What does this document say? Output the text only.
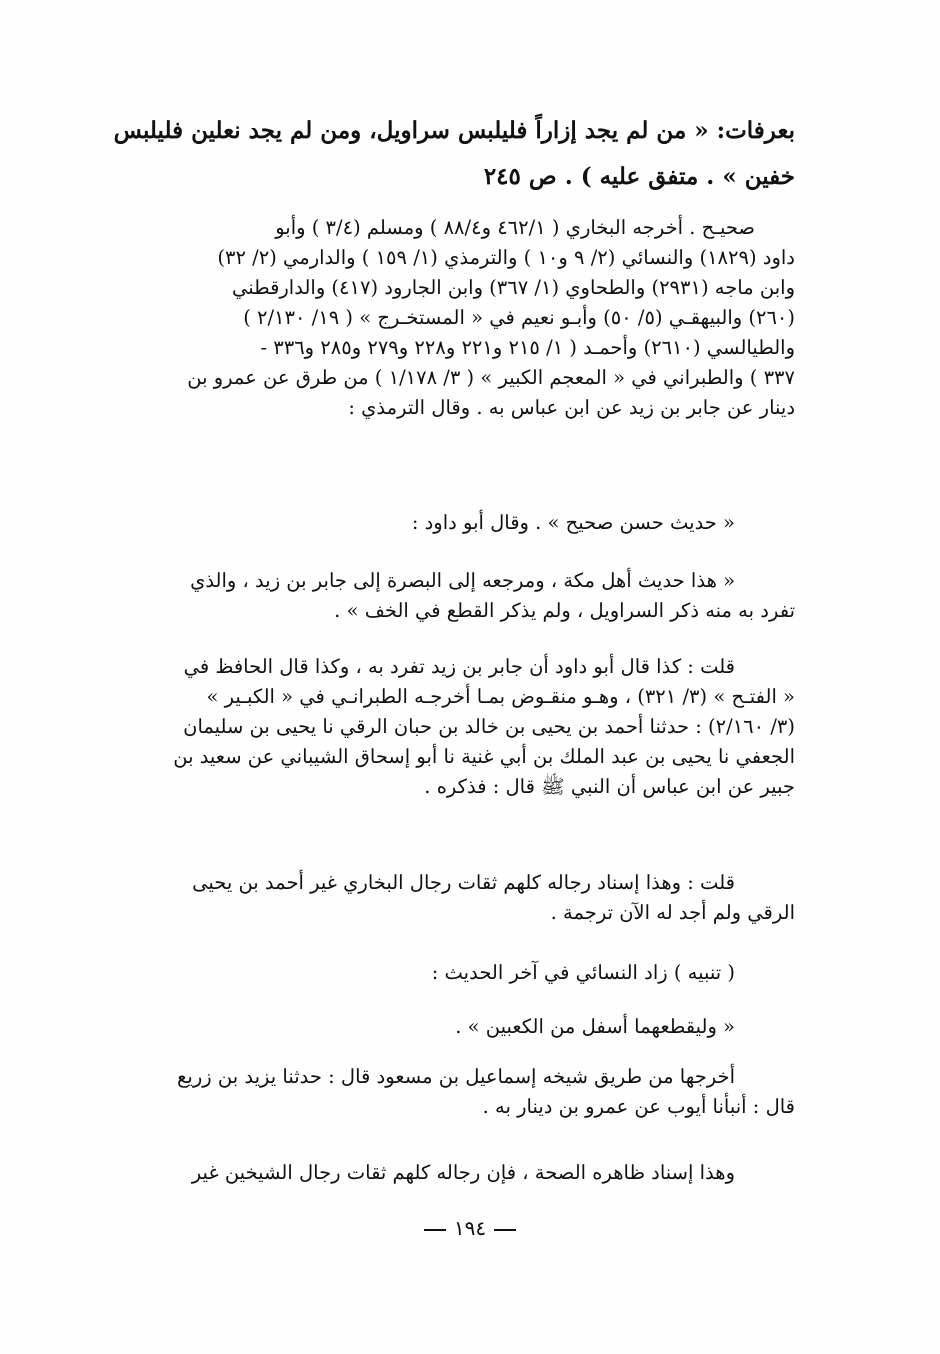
بعرفات: « من لم يجد إزاراً فليلبس سراويل، ومن لم يجد نعلين فليلبس
خفين » . متفق عليه ) . ص ٢٤٥
صحيـح . أخرجه البخاري ( ٤٦٢/١ و٨٨/٤ ) ومسلم (٣/٤ ) وأبو
داود (١٨٢٩) والنسائي (٢/ ٩ و١٠ ) والترمذي (١/ ١٥٩ ) والدارمي (٢/ ٣٢)
وابن ماجه (٢٩٣١) والطحاوي (١/ ٣٦٧) وابن الجارود (٤١٧) والدارقطني
(٢٦٠) والبيهقـي (٥/ ٥٠) وأبـو نعيم في « المستخـرج » ( ١٩/ ٢/١٣٠ )
والطيالسي (٢٦١٠) وأحمـد ( ١/ ٢١٥ و٢٢١ و٢٢٨ و٢٧٩ و٢٨٥ و٣٣٦ -
٣٣٧ ) والطبراني في « المعجم الكبير » ( ٣/ ١/١٧٨ ) من طرق عن عمرو بن
دينار عن جابر بن زيد عن ابن عباس به . وقال الترمذي :
« حديث حسن صحيح » . وقال أبو داود :
« هذا حديث أهل مكة ، ومرجعه إلى البصرة إلى جابر بن زيد ، والذي
تفرد به منه ذكر السراويل ، ولم يذكر القطع في الخف » .
قلت : كذا قال أبو داود أن جابر بن زيد تفرد به ، وكذا قال الحافظ في
« الفتـح » (٣/ ٣٢١) ، وهـو منقـوض بمـا أخرجـه الطبرانـي في « الكبـير »
(٣/ ٢/١٦٠) : حدثنا أحمد بن يحيى بن خالد بن حبان الرقي نا يحيى بن سليمان
الجعفي نا يحيى بن عبد الملك بن أبي غنية نا أبو إسحاق الشيباني عن سعيد بن
جبير عن ابن عباس أن النبي ﷺ قال : فذكره .
قلت : وهذا إسناد رجاله كلهم ثقات رجال البخاري غير أحمد بن يحيى
الرقي ولم أجد له الآن ترجمة .
( تنبيه ) زاد النسائي في آخر الحديث :
« وليقطعهما أسفل من الكعبين » .
أخرجها من طريق شيخه إسماعيل بن مسعود قال : حدثنا يزيد بن زريع
قال : أنبأنا أيوب عن عمرو بن دينار به .
وهذا إسناد ظاهره الصحة ، فإن رجاله كلهم ثقات رجال الشيخين غير
١٩٤
